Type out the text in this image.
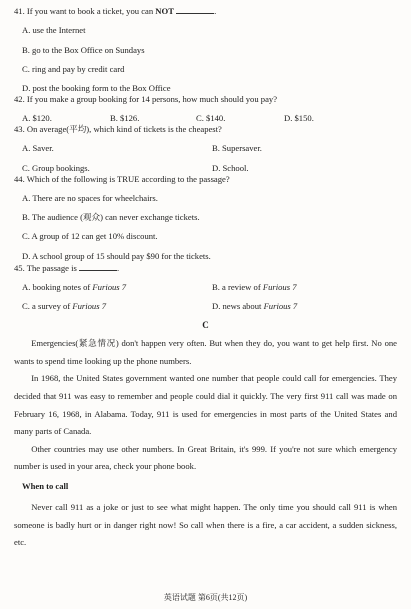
41. If you want to book a ticket, you can NOT	.
A. use the Internet
B. go to the Box Office on Sundays
C. ring and pay by credit card
D. post the booking form to the Box Office
42. If you make a group booking for 14 persons, how much should you pay?
A. $120.	B. $126.	C. $140.	D. $150.
43. On average(平均), which kind of tickets is the cheapest?
A. Saver.	B. Supersaver.
C. Group bookings.	D. School.
44. Which of the following is TRUE according to the passage?
A. There are no spaces for wheelchairs.
B. The audience (观众) can never exchange tickets.
C. A group of 12 can get 10% discount.
D. A school group of 15 should pay $90 for the tickets.
45. The passage is	.
A. booking notes of Furious 7	B. a review of Furious 7
C. a survey of Furious 7	D. news about Furious 7
C
Emergencies(紧急情况) don't happen very often. But when they do, you want to get help first. No one wants to spend time looking up the phone numbers.
In 1968, the United States government wanted one number that people could call for emergencies. They decided that 911 was easy to remember and people could dial it quickly. The very first 911 call was made on February 16, 1968, in Alabama. Today, 911 is used for emergencies in most parts of the United States and many parts of Canada.
Other countries may use other numbers. In Great Britain, it's 999. If you're not sure which emergency number is used in your area, check your phone book.
When to call
Never call 911 as a joke or just to see what might happen. The only time you should call 911 is when someone is badly hurt or in danger right now! So call when there is a fire, a car accident, a sudden sickness, etc.
英语试题 第6页(共12页)
